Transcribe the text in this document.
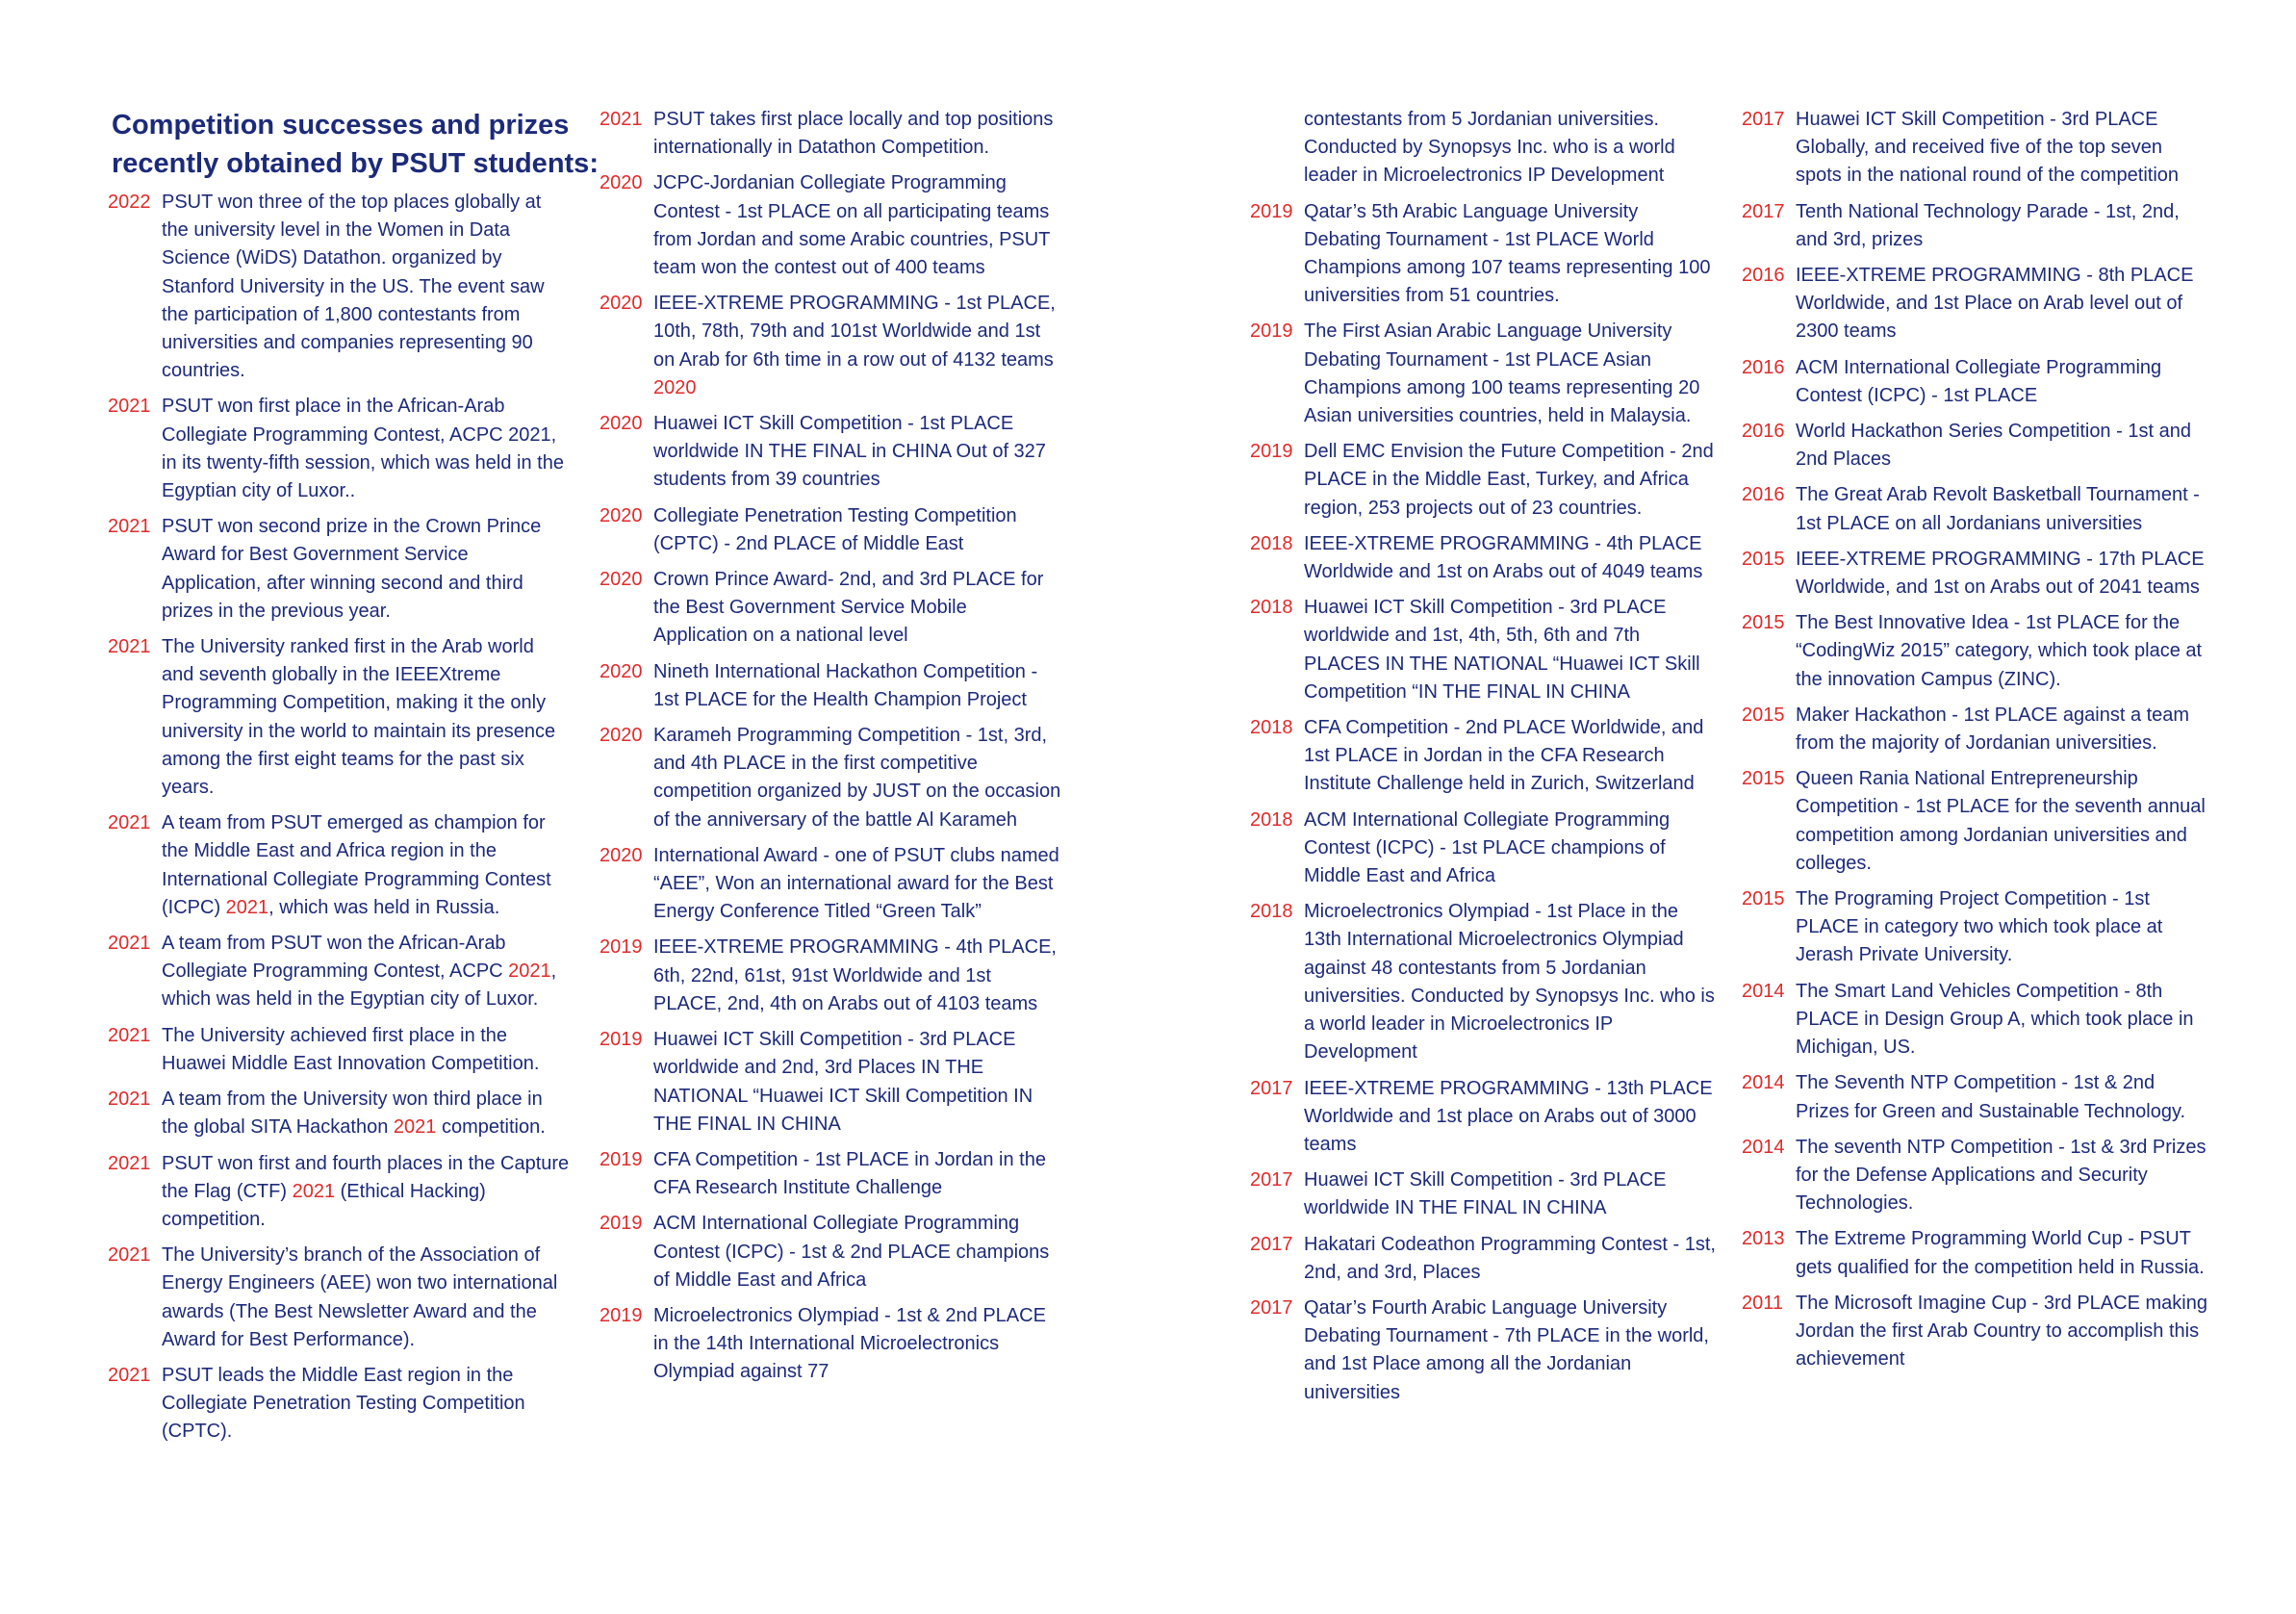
Competition successes and prizes
recently obtained by PSUT students:
2022 PSUT won three of the top places globally at the university level in the Women in Data Science (WiDS) Datathon. organized by Stanford University in the US. The event saw the participation of 1,800 contestants from universities and companies representing 90 countries.
2021 PSUT won first place in the African-Arab Collegiate Programming Contest, ACPC 2021, in its twenty-fifth session, which was held in the Egyptian city of Luxor..
2021 PSUT won second prize in the Crown Prince Award for Best Government Service Application, after winning second and third prizes in the previous year.
2021 The University ranked first in the Arab world and seventh globally in the IEEEXtreme Programming Competition, making it the only university in the world to maintain its presence among the first eight teams for the past six years.
2021 A team from PSUT emerged as champion for the Middle East and Africa region in the International Collegiate Programming Contest (ICPC) 2021, which was held in Russia.
2021 A team from PSUT won the African-Arab Collegiate Programming Contest, ACPC 2021, which was held in the Egyptian city of Luxor.
2021 The University achieved first place in the Huawei Middle East Innovation Competition.
2021 A team from the University won third place in the global SITA Hackathon 2021 competition.
2021 PSUT won first and fourth places in the Capture the Flag (CTF) 2021 (Ethical Hacking) competition.
2021 The University’s branch of the Association of Energy Engineers (AEE) won two international awards (The Best Newsletter Award and the Award for Best Performance).
2021 PSUT leads the Middle East region in the Collegiate Penetration Testing Competition (CPTC).
2021 PSUT takes first place locally and top positions internationally in Datathon Competition.
2020 JCPC-Jordanian Collegiate Programming Contest - 1st PLACE on all participating teams from Jordan and some Arabic countries, PSUT team won the contest out of 400 teams
2020 IEEE-XTREME PROGRAMMING - 1st PLACE, 10th, 78th, 79th and 101st Worldwide and 1st on Arab for 6th time in a row out of 4132 teams 2020
2020 Huawei ICT Skill Competition - 1st PLACE worldwide IN THE FINAL in CHINA Out of 327 students from 39 countries
2020 Collegiate Penetration Testing Competition (CPTC) - 2nd PLACE of Middle East
2020 Crown Prince Award- 2nd, and 3rd PLACE for the Best Government Service Mobile Application on a national level
2020 Nineth International Hackathon Competition - 1st PLACE for the Health Champion Project
2020 Karameh Programming Competition - 1st, 3rd, and 4th PLACE in the first competitive competition organized by JUST on the occasion of the anniversary of the battle Al Karameh
2020 International Award - one of PSUT clubs named “AEE”, Won an international award for the Best Energy Conference Titled “Green Talk”
2019 IEEE-XTREME PROGRAMMING - 4th PLACE, 6th, 22nd, 61st, 91st Worldwide and 1st PLACE, 2nd, 4th on Arabs out of 4103 teams
2019 Huawei ICT Skill Competition - 3rd PLACE worldwide and 2nd, 3rd Places IN THE NATIONAL “Huawei ICT Skill Competition IN THE FINAL IN CHINA
2019 CFA Competition - 1st PLACE in Jordan in the CFA Research Institute Challenge
2019 ACM International Collegiate Programming Contest (ICPC) - 1st & 2nd PLACE champions of Middle East and Africa
2019 Microelectronics Olympiad - 1st & 2nd PLACE in the 14th International Microelectronics Olympiad against 77
contestants from 5 Jordanian universities. Conducted by Synopsys Inc. who is a world leader in Microelectronics IP Development
2019 Qatar’s 5th Arabic Language University Debating Tournament - 1st PLACE World Champions among 107 teams representing 100 universities from 51 countries.
2019 The First Asian Arabic Language University Debating Tournament - 1st PLACE Asian Champions among 100 teams representing 20 Asian universities countries, held in Malaysia.
2019 Dell EMC Envision the Future Competition - 2nd PLACE in the Middle East, Turkey, and Africa region, 253 projects out of 23 countries.
2018 IEEE-XTREME PROGRAMMING - 4th PLACE Worldwide and 1st on Arabs out of 4049 teams
2018 Huawei ICT Skill Competition - 3rd PLACE worldwide and 1st, 4th, 5th, 6th and 7th PLACES IN THE NATIONAL “Huawei ICT Skill Competition “IN THE FINAL IN CHINA
2018 CFA Competition - 2nd PLACE Worldwide, and 1st PLACE in Jordan in the CFA Research Institute Challenge held in Zurich, Switzerland
2018 ACM International Collegiate Programming Contest (ICPC) - 1st PLACE champions of Middle East and Africa
2018 Microelectronics Olympiad - 1st Place in the 13th International Microelectronics Olympiad against 48 contestants from 5 Jordanian universities. Conducted by Synopsys Inc. who is a world leader in Microelectronics IP Development
2017 IEEE-XTREME PROGRAMMING - 13th PLACE Worldwide and 1st place on Arabs out of 3000 teams
2017 Huawei ICT Skill Competition - 3rd PLACE worldwide IN THE FINAL IN CHINA
2017 Hakatari Codeathon Programming Contest - 1st, 2nd, and 3rd, Places
2017 Qatar’s Fourth Arabic Language University Debating Tournament - 7th PLACE in the world, and 1st Place among all the Jordanian universities
2017 Huawei ICT Skill Competition - 3rd PLACE Globally, and received five of the top seven spots in the national round of the competition
2017 Tenth National Technology Parade - 1st, 2nd, and 3rd, prizes
2016 IEEE-XTREME PROGRAMMING - 8th PLACE Worldwide, and 1st Place on Arab level out of 2300 teams
2016 ACM International Collegiate Programming Contest (ICPC) - 1st PLACE
2016 World Hackathon Series Competition - 1st and 2nd Places
2016 The Great Arab Revolt Basketball Tournament - 1st PLACE on all Jordanians universities
2015 IEEE-XTREME PROGRAMMING - 17th PLACE Worldwide, and 1st on Arabs out of 2041 teams
2015 The Best Innovative Idea - 1st PLACE for the “CodingWiz 2015” category, which took place at the innovation Campus (ZINC).
2015 Maker Hackathon - 1st PLACE against a team from the majority of Jordanian universities.
2015 Queen Rania National Entrepreneurship Competition - 1st PLACE for the seventh annual competition among Jordanian universities and colleges.
2015 The Programing Project Competition - 1st PLACE in category two which took place at Jerash Private University.
2014 The Smart Land Vehicles Competition - 8th PLACE in Design Group A, which took place in Michigan, US.
2014 The Seventh NTP Competition - 1st & 2nd Prizes for Green and Sustainable Technology.
2014 The seventh NTP Competition - 1st & 3rd Prizes for the Defense Applications and Security Technologies.
2013 The Extreme Programming World Cup - PSUT gets qualified for the competition held in Russia.
2011 The Microsoft Imagine Cup - 3rd PLACE making Jordan the first Arab Country to accomplish this achievement
